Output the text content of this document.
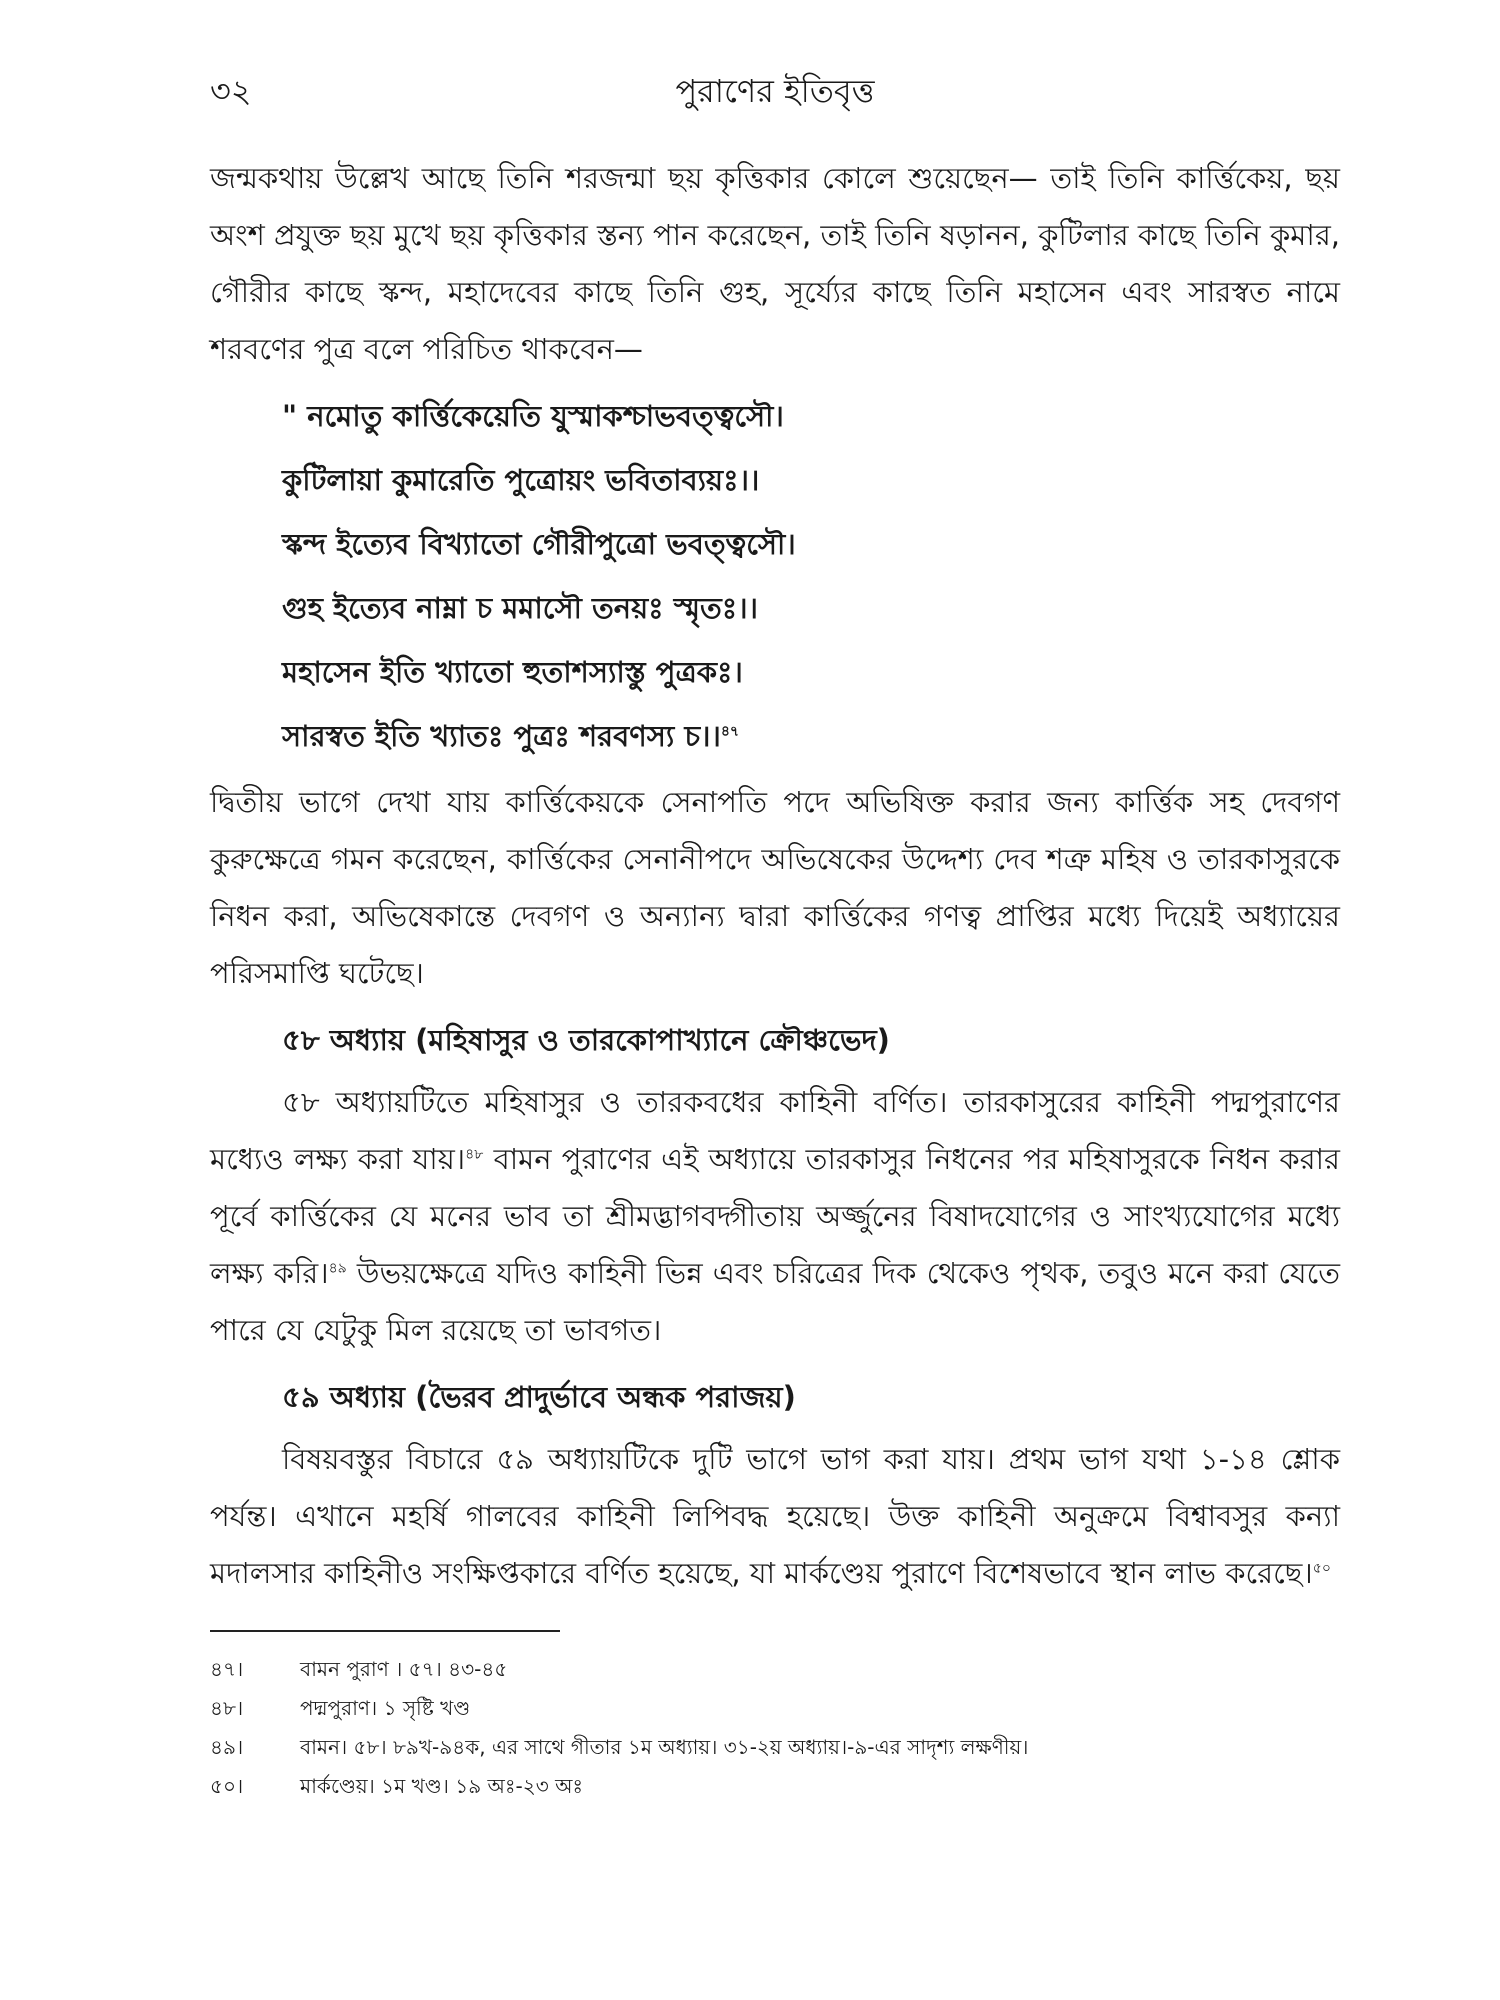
৩২	পুরাণের ইতিবৃত্ত

জন্মকথায় উল্লেখ আছে তিনি শরজন্মা ছয় কৃত্তিকার কোলে শুয়েছেন— তাই তিনি কার্ত্তিকেয়, ছয় অংশ প্রযুক্ত ছয় মুখে ছয় কৃত্তিকার স্তন্য পান করেছেন, তাই তিনি ষড়ানন, কুটিলার কাছে তিনি কুমার, গৌরীর কাছে স্কন্দ, মহাদেবের কাছে তিনি গুহ, সূর্য্যের কাছে তিনি মহাসেন এবং সারস্বত নামে শরবণের পুত্র বলে পরিচিত থাকবেন—

" নমোতু কার্ত্তিকেয়েতি যুস্মাকশ্চাভবত্ত্বসৌ।
কুটিলায়া কুমারেতি পুত্রোয়ং ভবিতাব্যয়ঃ।।
স্কন্দ ইত্যেব বিখ্যাতো গৌরীপুত্রো ভবত্ত্বসৌ।
গুহ ইত্যেব নাম্না চ মমাসৌ তনয়ঃ স্মৃতঃ।।
মহাসেন ইতি খ্যাতো হুতাশস্যাস্তু পুত্রকঃ।
সারস্বত ইতি খ্যাতঃ পুত্রঃ শরবণস্য চ।।$^{৪৭}$

দ্বিতীয় ভাগে দেখা যায় কার্ত্তিকেয়কে সেনাপতি পদে অভিষিক্ত করার জন্য কার্ত্তিক সহ দেবগণ কুরুক্ষেত্রে গমন করেছেন, কার্ত্তিকের সেনানীপদে অভিষেকের উদ্দেশ্য দেব শত্রু মহিষ ও তারকাসুরকে নিধন করা, অভিষেকান্তে দেবগণ ও অন্যান্য দ্বারা কার্ত্তিকের গণত্ব প্রাপ্তির মধ্যে দিয়েই অধ্যায়ের পরিসমাপ্তি ঘটেছে।

৫৮ অধ্যায় (মহিষাসুর ও তারকোপাখ্যানে ক্রৌঞ্চভেদ)

৫৮ অধ্যায়টিতে মহিষাসুর ও তারকবধের কাহিনী বর্ণিত। তারকাসুরের কাহিনী পদ্মপুরাণের মধ্যেও লক্ষ্য করা যায়।$^{৪৮}$ বামন পুরাণের এই অধ্যায়ে তারকাসুর নিধনের পর মহিষাসুরকে নিধন করার পূর্বে কার্ত্তিকের যে মনের ভাব তা শ্রীমদ্ভাগবদ্গীতায় অর্জ্জুনের বিষাদযোগের ও সাংখ্যযোগের মধ্যে লক্ষ্য করি।$^{৪৯}$ উভয়ক্ষেত্রে যদিও কাহিনী ভিন্ন এবং চরিত্রের দিক থেকেও পৃথক, তবুও মনে করা যেতে পারে যে যেটুকু মিল রয়েছে তা ভাবগত।

৫৯ অধ্যায় (ভৈরব প্রাদুর্ভাবে অন্ধক পরাজয়)

বিষয়বস্তুর বিচারে ৫৯ অধ্যায়টিকে দুটি ভাগে ভাগ করা যায়। প্রথম ভাগ যথা ১-১৪ শ্লোক পর্যন্ত। এখানে মহর্ষি গালবের কাহিনী লিপিবদ্ধ হয়েছে। উক্ত কাহিনী অনুক্রমে বিশ্বাবসুর কন্যা মদালসার কাহিনীও সংক্ষিপ্তকারে বর্ণিত হয়েছে, যা মার্কণ্ডেয় পুরাণে বিশেষভাবে স্থান লাভ করেছে।$^{৫০}$

৪৭।	বামন পুরাণ । ৫৭। ৪৩-৪৫
৪৮।	পদ্মপুরাণ। ১ সৃষ্টি খণ্ড
৪৯।	বামন। ৫৮। ৮৯খ-৯৪ক, এর সাথে গীতার ১ম অধ্যায়। ৩১-২য় অধ্যায়।-৯-এর সাদৃশ্য লক্ষণীয়।
৫০।	মার্কণ্ডেয়। ১ম খণ্ড। ১৯ অঃ-২৩ অঃ
